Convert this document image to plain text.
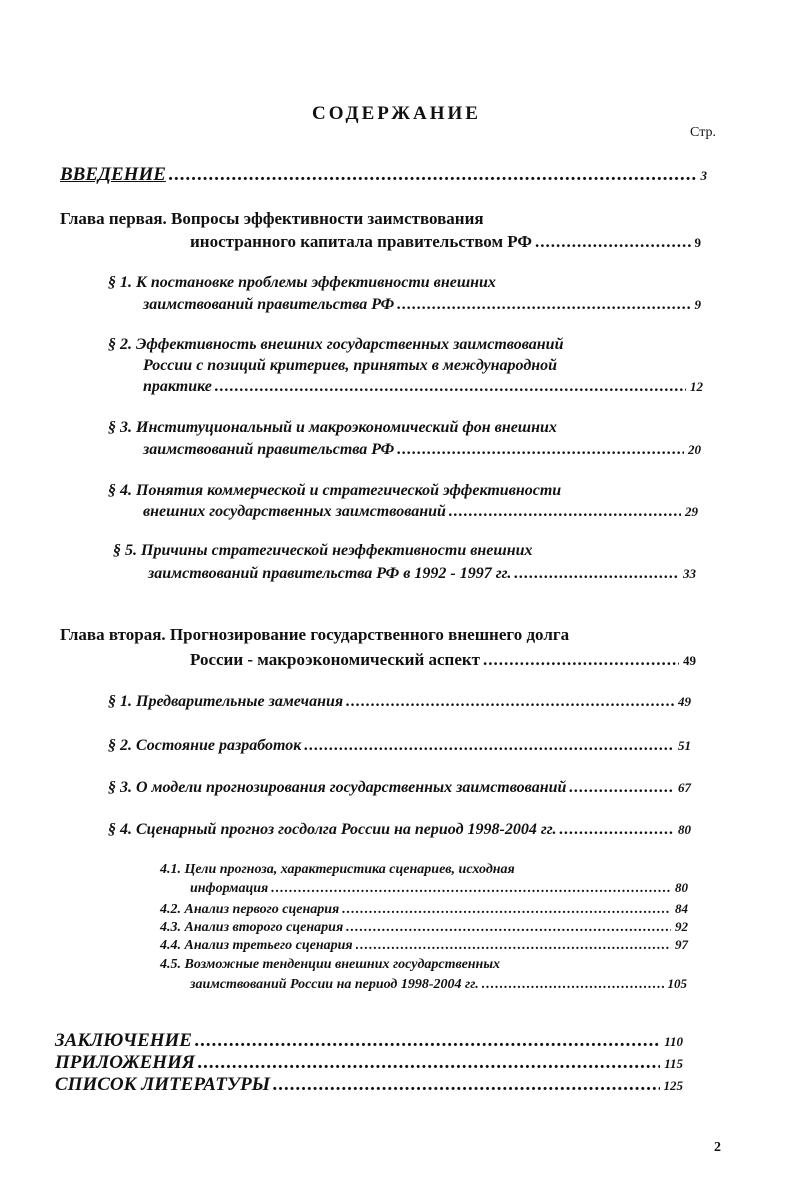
СОДЕРЖАНИЕ
Стр.
ВВЕДЕНИЕ .....	3
Глава первая. Вопросы эффективности заимствования
иностранного капитала правительством РФ .....	9
§ 1. К постановке проблемы эффективности внешних
заимствований правительства РФ .....	9
§ 2. Эффективность внешних государственных заимствований
России с позиций критериев, принятых в международной
практике .....	12
§ 3. Институциональный и макроэкономический фон внешних
заимствований правительства РФ .....	20
§ 4. Понятия коммерческой и стратегической эффективности
внешних государственных заимствований .....	29
§ 5. Причины стратегической неэффективности внешних
заимствований правительства РФ в 1992 - 1997 гг. .....	33
Глава вторая. Прогнозирование государственного внешнего долга
России - макроэкономический аспект .....	49
§ 1. Предварительные замечания .....	49
§ 2. Состояние разработок .....	51
§ 3. О модели прогнозирования государственных заимствований .....	67
§ 4. Сценарный прогноз госдолга России на период 1998-2004 гг. .....	80
4.1. Цели прогноза, характеристика сценариев, исходная
информация .....	80
4.2. Анализ первого сценария .....	84
4.3. Анализ второго сценария .....	92
4.4. Анализ третьего сценария .....	97
4.5. Возможные тенденции внешних государственных
заимствований России на период 1998-2004 гг. .....	105
ЗАКЛЮЧЕНИЕ .....	110
ПРИЛОЖЕНИЯ .....	115
СПИСОК ЛИТЕРАТУРЫ .....	125
2
